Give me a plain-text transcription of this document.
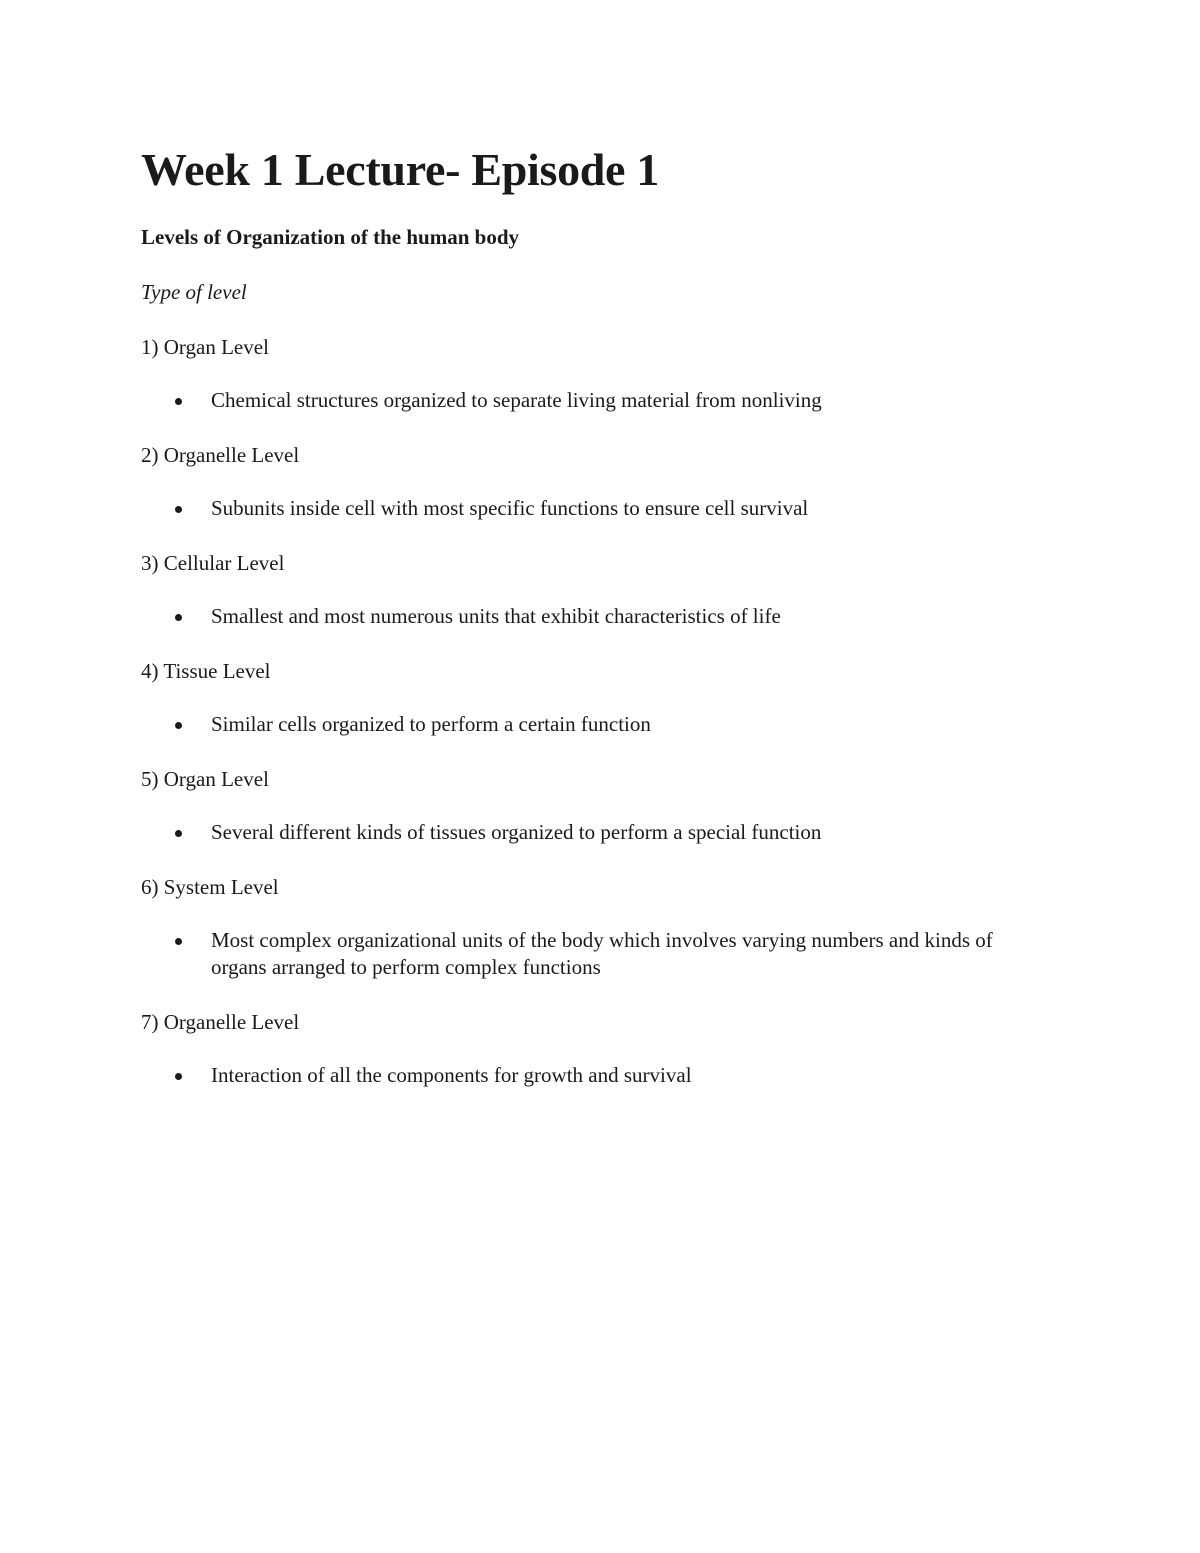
Week 1 Lecture- Episode 1

Levels of Organization of the human body

Type of level

1) Organ Level
Chemical structures organized to separate living material from nonliving
2) Organelle Level
Subunits inside cell with most specific functions to ensure cell survival
3) Cellular Level
Smallest and most numerous units that exhibit characteristics of life
4) Tissue Level
Similar cells organized to perform a certain function
5) Organ Level
Several different kinds of tissues organized to perform a special function
6) System Level
Most complex organizational units of the body which involves varying numbers and kinds of organs arranged to perform complex functions
7) Organelle Level
Interaction of all the components for growth and survival
